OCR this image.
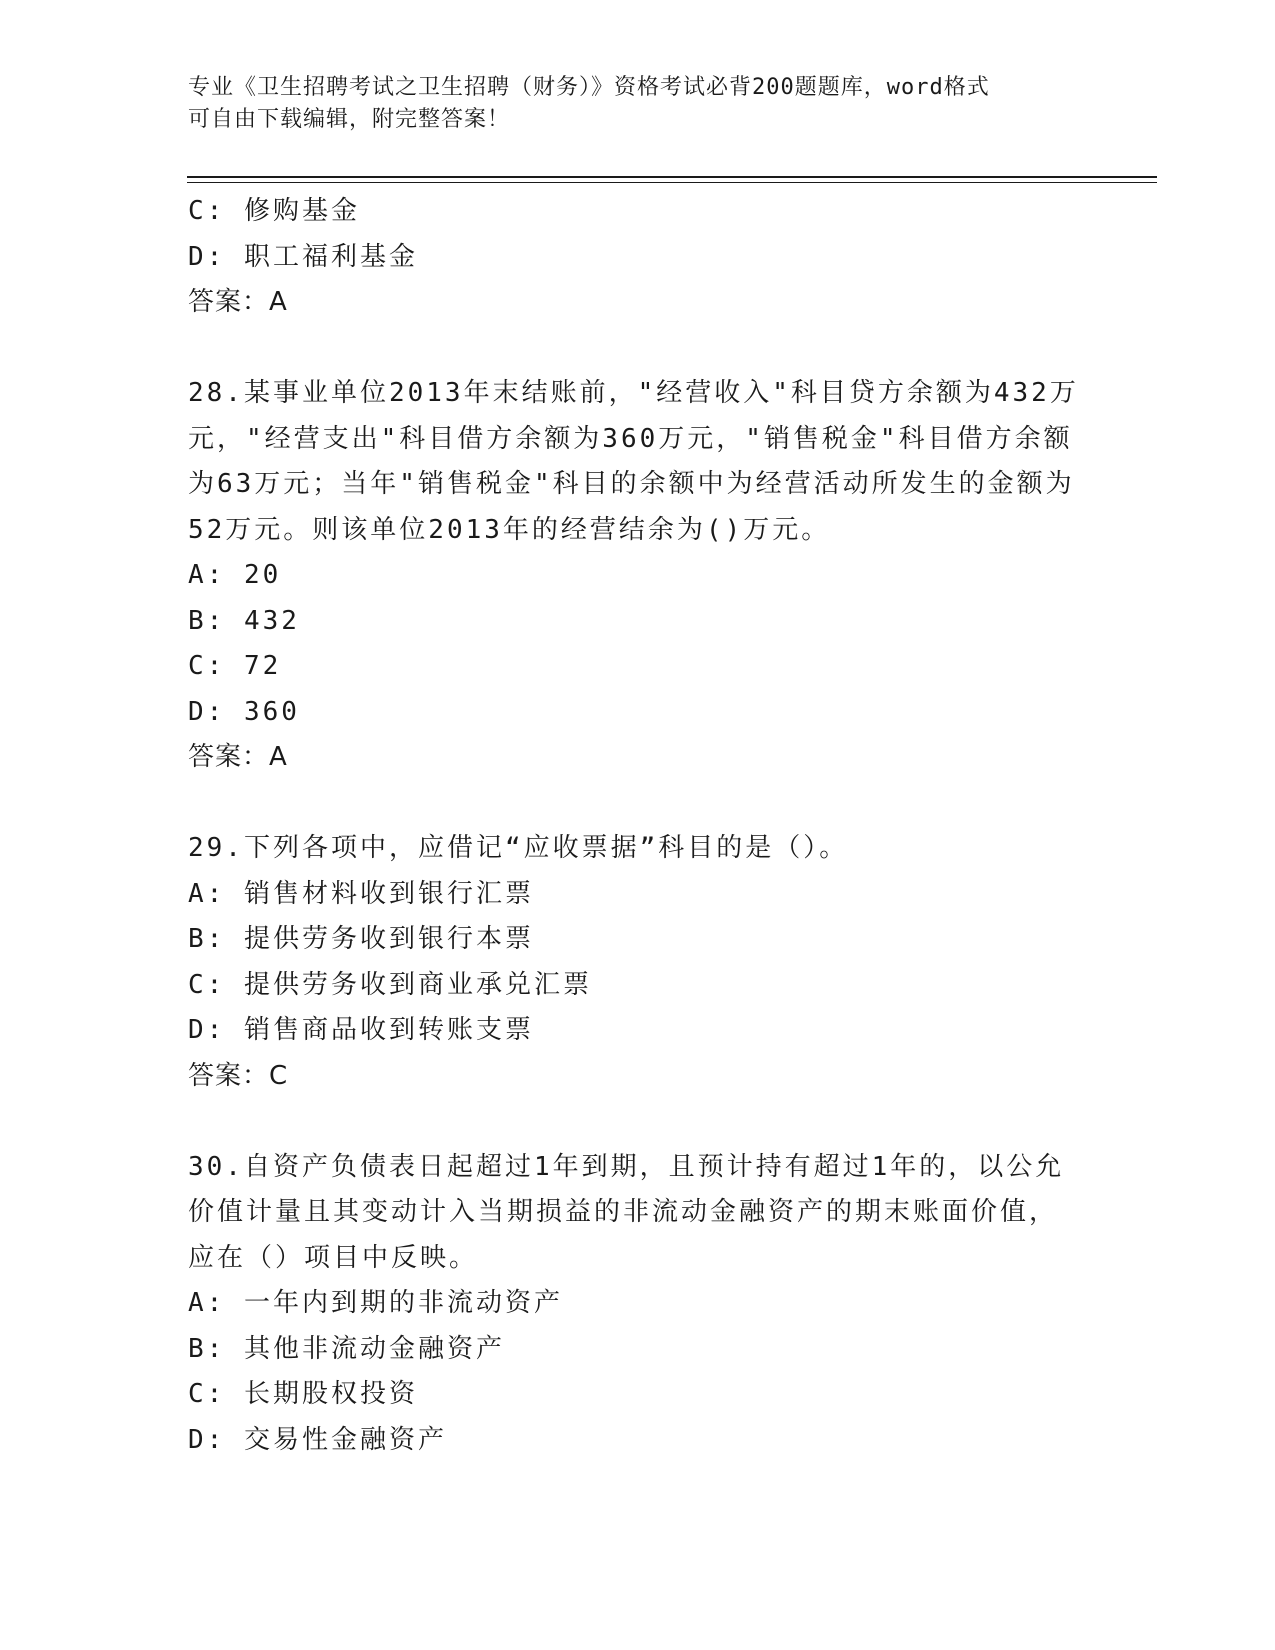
专业《卫生招聘考试之卫生招聘（财务）》资格考试必背200题题库，word格式
可自由下载编辑，附完整答案！
C: 修购基金
D: 职工福利基金
答案：A
28.某事业单位2013年末结账前，"经营收入"科目贷方余额为432万
元，"经营支出"科目借方余额为360万元，"销售税金"科目借方余额
为63万元；当年"销售税金"科目的余额中为经营活动所发生的金额为
52万元。则该单位2013年的经营结余为()万元。
A: 20
B: 432
C: 72
D: 360
答案：A
29.下列各项中，应借记“应收票据”科目的是（）。
A: 销售材料收到银行汇票
B: 提供劳务收到银行本票
C: 提供劳务收到商业承兑汇票
D: 销售商品收到转账支票
答案：C
30.自资产负债表日起超过1年到期，且预计持有超过1年的，以公允
价值计量且其变动计入当期损益的非流动金融资产的期末账面价值，
应在（）项目中反映。
A: 一年内到期的非流动资产
B: 其他非流动金融资产
C: 长期股权投资
D: 交易性金融资产
